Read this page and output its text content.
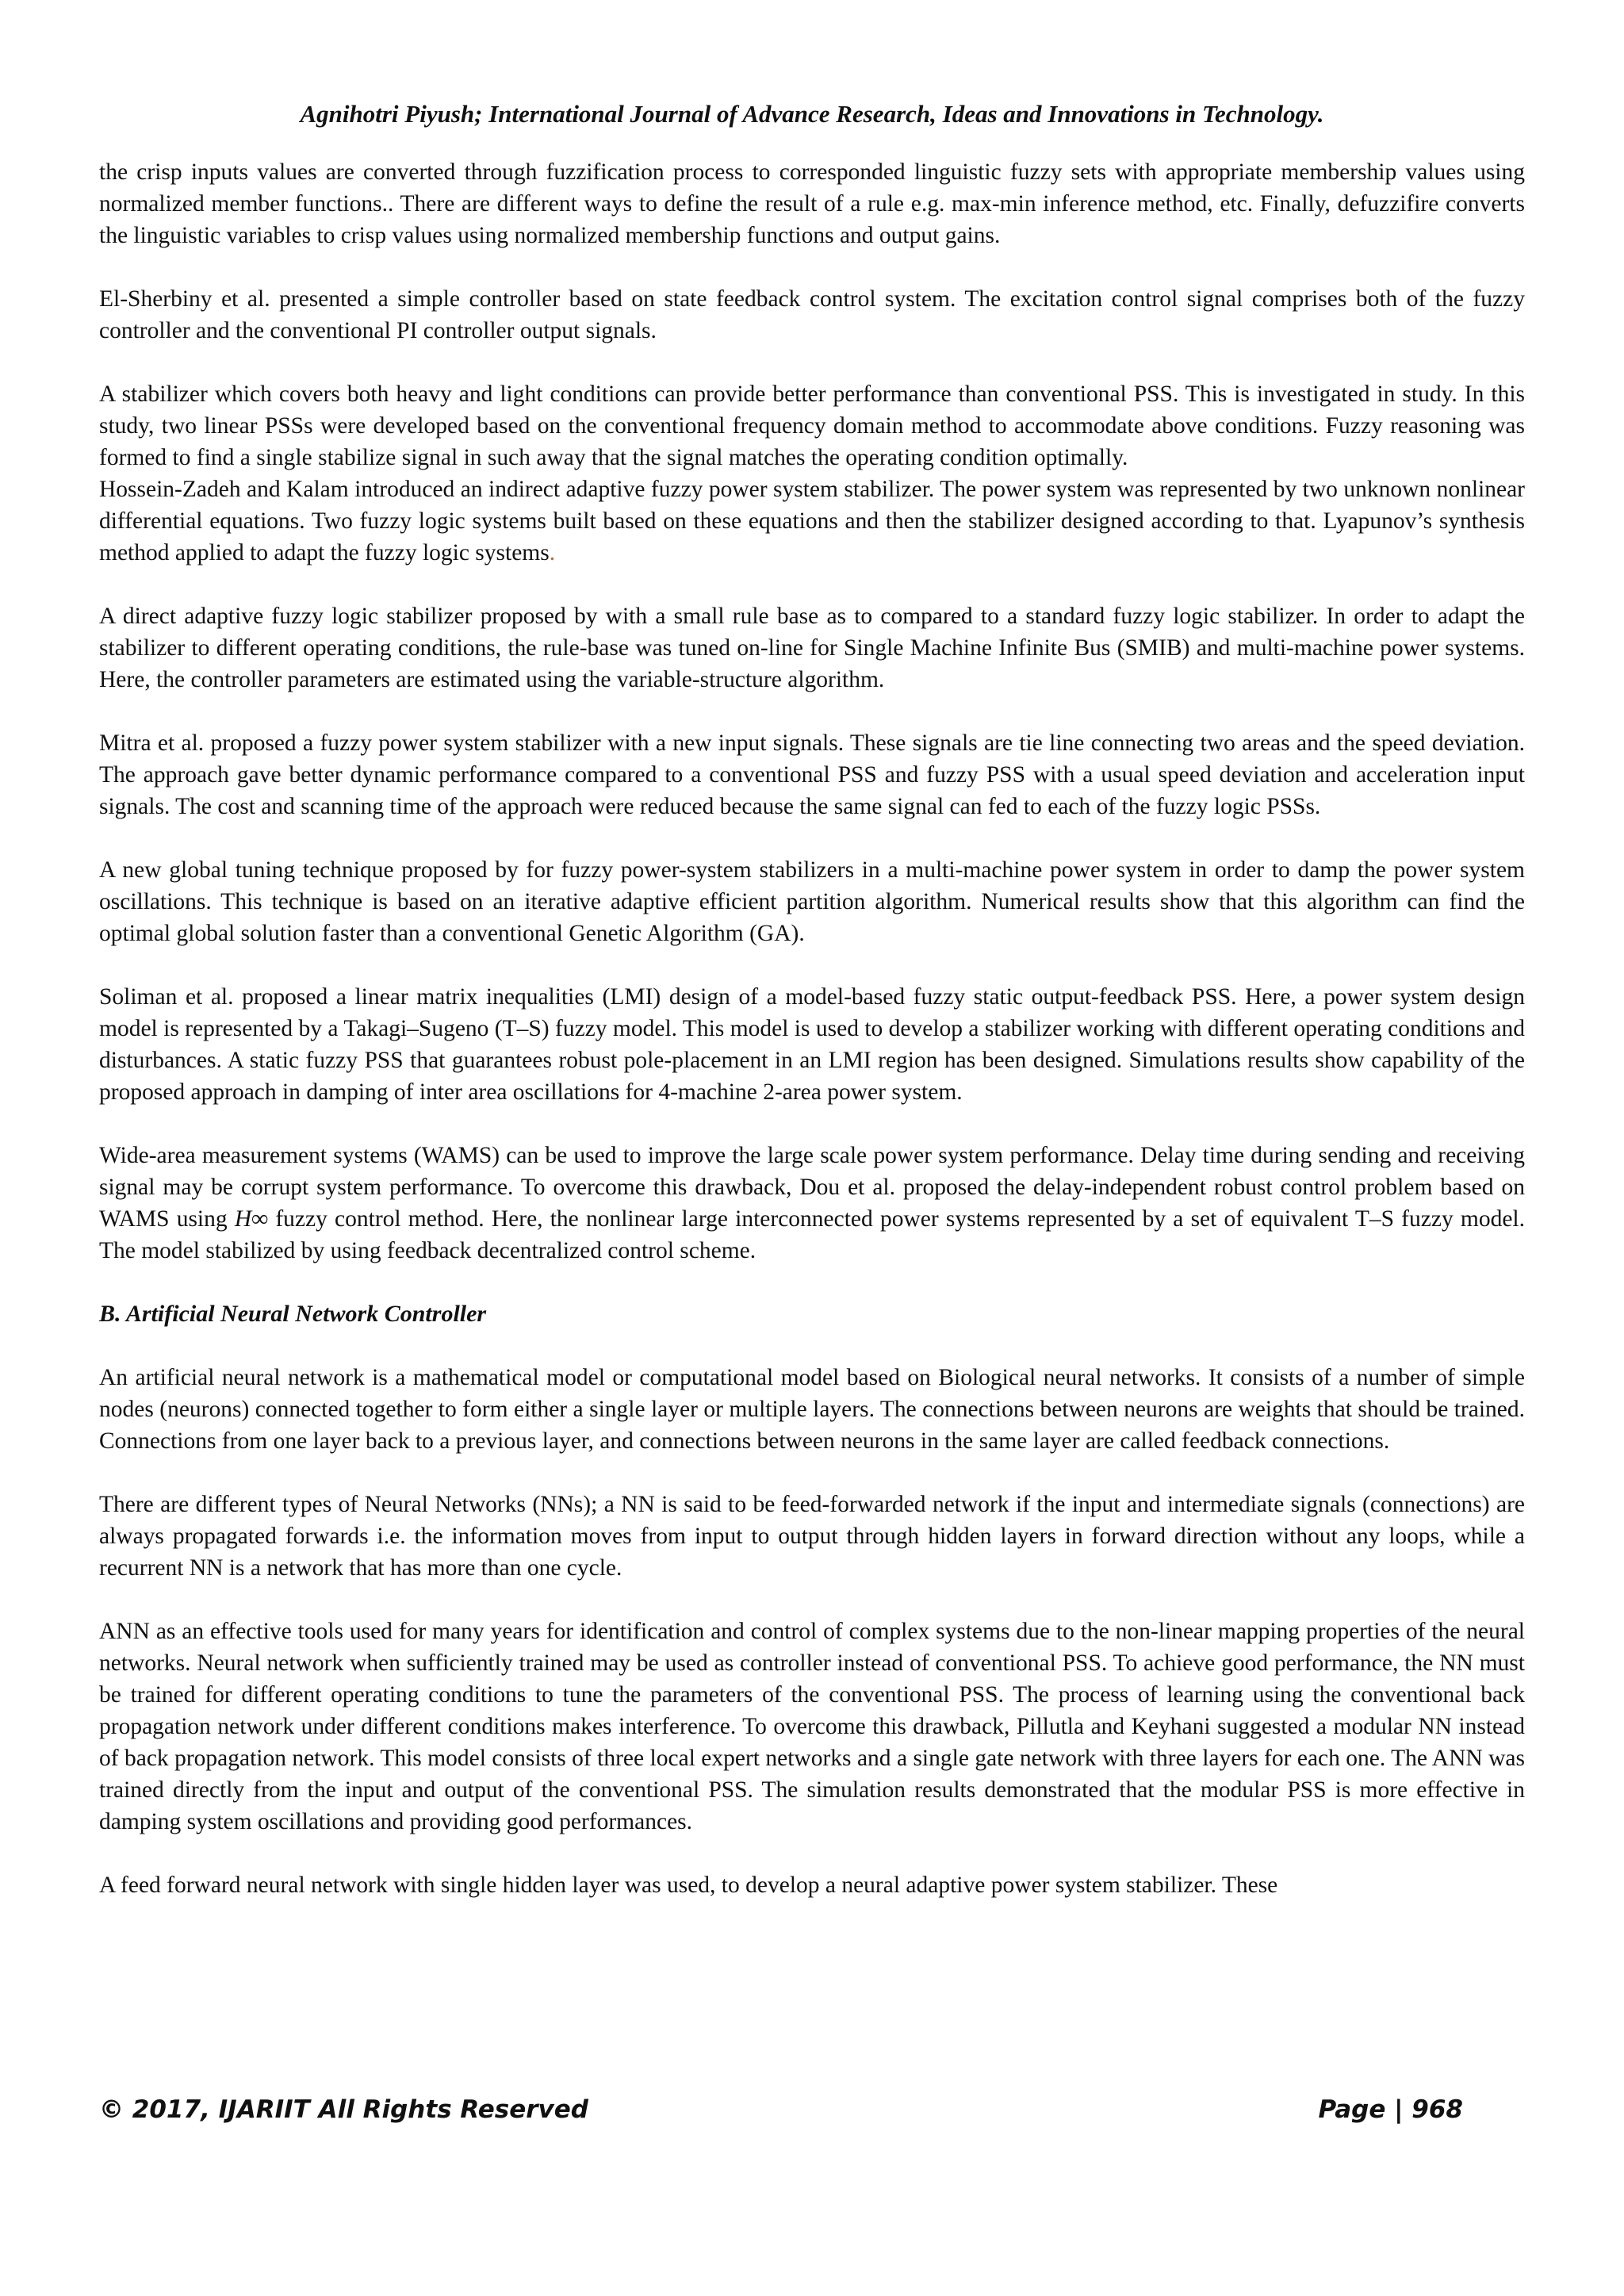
Agnihotri Piyush; International Journal of Advance Research, Ideas and Innovations in Technology.

the crisp inputs values are converted through fuzzification process to corresponded linguistic fuzzy sets with appropriate membership values using normalized member functions.. There are different ways to define the result of a rule e.g. max-min inference method, etc. Finally, defuzzifire converts the linguistic variables to crisp values using normalized membership functions and output gains.

El-Sherbiny et al. presented a simple controller based on state feedback control system. The excitation control signal comprises both of the fuzzy controller and the conventional PI controller output signals.

A stabilizer which covers both heavy and light conditions can provide better performance than conventional PSS. This is investigated in study. In this study, two linear PSSs were developed based on the conventional frequency domain method to accommodate above conditions. Fuzzy reasoning was formed to find a single stabilize signal in such away that the signal matches the operating condition optimally.

Hossein-Zadeh and Kalam introduced an indirect adaptive fuzzy power system stabilizer. The power system was represented by two unknown nonlinear differential equations. Two fuzzy logic systems built based on these equations and then the stabilizer designed according to that. Lyapunov’s synthesis method applied to adapt the fuzzy logic systems.

A direct adaptive fuzzy logic stabilizer proposed by with a small rule base as to compared to a standard fuzzy logic stabilizer. In order to adapt the stabilizer to different operating conditions, the rule-base was tuned on-line for Single Machine Infinite Bus (SMIB) and multi-machine power systems. Here, the controller parameters are estimated using the variable-structure algorithm.

Mitra et al. proposed a fuzzy power system stabilizer with a new input signals. These signals are tie line connecting two areas and the speed deviation. The approach gave better dynamic performance compared to a conventional PSS and fuzzy PSS with a usual speed deviation and acceleration input signals. The cost and scanning time of the approach were reduced because the same signal can fed to each of the fuzzy logic PSSs.

A new global tuning technique proposed by for fuzzy power-system stabilizers in a multi-machine power system in order to damp the power system oscillations. This technique is based on an iterative adaptive efficient partition algorithm. Numerical results show that this algorithm can find the optimal global solution faster than a conventional Genetic Algorithm (GA).

Soliman et al. proposed a linear matrix inequalities (LMI) design of a model-based fuzzy static output-feedback PSS. Here, a power system design model is represented by a Takagi–Sugeno (T–S) fuzzy model. This model is used to develop a stabilizer working with different operating conditions and disturbances. A static fuzzy PSS that guarantees robust pole-placement in an LMI region has been designed. Simulations results show capability of the proposed approach in damping of inter area oscillations for 4-machine 2-area power system.

Wide-area measurement systems (WAMS) can be used to improve the large scale power system performance. Delay time during sending and receiving signal may be corrupt system performance. To overcome this drawback, Dou et al. proposed the delay-independent robust control problem based on WAMS using H∞ fuzzy control method. Here, the nonlinear large interconnected power systems represented by a set of equivalent T–S fuzzy model. The model stabilized by using feedback decentralized control scheme.

B. Artificial Neural Network Controller

An artificial neural network is a mathematical model or computational model based on Biological neural networks. It consists of a number of simple nodes (neurons) connected together to form either a single layer or multiple layers. The connections between neurons are weights that should be trained. Connections from one layer back to a previous layer, and connections between neurons in the same layer are called feedback connections.

There are different types of Neural Networks (NNs); a NN is said to be feed-forwarded network if the input and intermediate signals (connections) are always propagated forwards i.e. the information moves from input to output through hidden layers in forward direction without any loops, while a recurrent NN is a network that has more than one cycle.

ANN as an effective tools used for many years for identification and control of complex systems due to the non-linear mapping properties of the neural networks. Neural network when sufficiently trained may be used as controller instead of conventional PSS. To achieve good performance, the NN must be trained for different operating conditions to tune the parameters of the conventional PSS. The process of learning using the conventional back propagation network under different conditions makes interference. To overcome this drawback, Pillutla and Keyhani suggested a modular NN instead of back propagation network. This model consists of three local expert networks and a single gate network with three layers for each one. The ANN was trained directly from the input and output of the conventional PSS. The simulation results demonstrated that the modular PSS is more effective in damping system oscillations and providing good performances.

A feed forward neural network with single hidden layer was used, to develop a neural adaptive power system stabilizer. These

© 2017, IJARIIT All Rights Reserved	Page | 968
